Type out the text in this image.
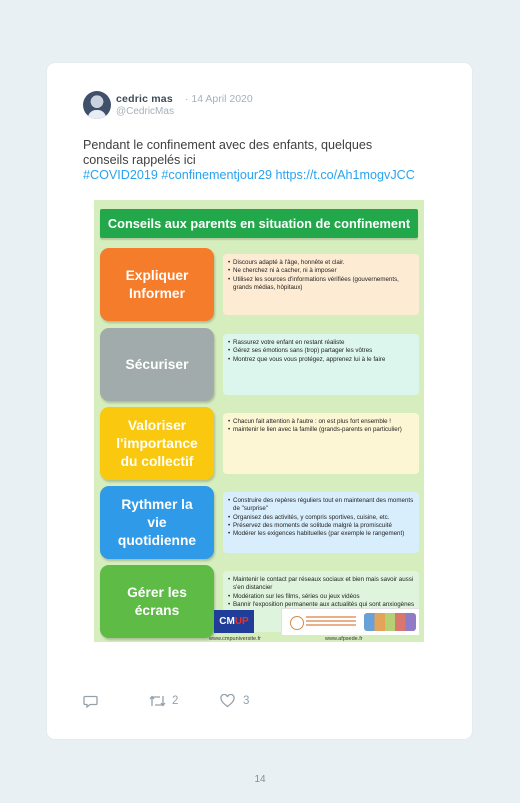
cedric mas · 14 April 2020
@CedricMas
Pendant le confinement avec des enfants, quelques
conseils rappelés ici
#COVID2019 #confinementjour29 https://t.co/Ah1mogvJCC
Conseils aux parents en situation de confinement
Expliquer
Informer
• Discours adapté à l'âge, honnête et clair.
• Ne cherchez ni à cacher, ni à imposer
• Utilisez les sources d'informations vérifiées (gouvernements, grands médias, hôpitaux)
Sécuriser
• Rassurez votre enfant en restant réaliste
• Gérez ses émotions sans (trop) partager les vôtres
• Montrez que vous vous protégez, apprenez lui à le faire
Valoriser
l'importance
du collectif
• Chacun fait attention à l'autre : on est plus fort ensemble !
• maintenir le lien avec la famille (grands-parents en particulier)
Rythmer la
vie
quotidienne
• Construire des repères réguliers tout en maintenant des moments de "surprise"
• Organisez des activités, y compris sportives, cuisine, etc.
• Préservez des moments de solitude malgré la promiscuité
• Modérer les exigences habituelles (par exemple le rangement)
Gérer les
écrans
• Maintenir le contact par réseaux sociaux et bien mais savoir aussi s'en distancier
• Modération sur les films, séries ou jeux vidéos
• Bannir l'exposition permanente aux actualités qui sont anxiogènes
CMUP
www.cmpuniversite.fr	www.afpsede.fr
2	3
14
